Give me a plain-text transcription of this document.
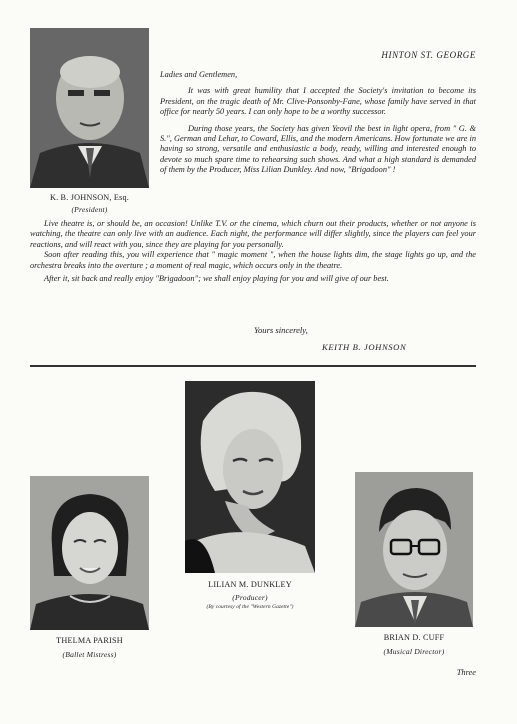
K. B. JOHNSON, Esq.
(President)
HINTON ST. GEORGE

Ladies and Gentlemen,

It was with great humility that I accepted the Society's invitation to become its President, on the tragic death of Mr. Clive-Ponsonby-Fane, whose family have served in that office for nearly 50 years. I can only hope to be a worthy successor.

During those years, the Society has given Yeovil the best in light opera, from " G. & S.", German and Lehar, to Coward, Ellis, and the modern Americans. How fortunate we are in having so strong, versatile and enthusiastic a body, ready, willing and interested enough to devote so much spare time to rehearsing such shows. And what a high standard is demanded of them by the Producer, Miss Lilian Dunkley. And now, "Brigadoon" !

Live theatre is, or should be, an occasion! Unlike T.V. or the cinema, which churn out their products, whether or not anyone is watching, the theatre can only live with an audience. Each night, the performance will differ slightly, since the players can feel your reactions, and will react with you, since they are playing for you personally.

Soon after reading this, you will experience that " magic moment ", when the house lights dim, the stage lights go up, and the orchestra breaks into the overture ; a moment of real magic, which occurs only in the theatre.

After it, sit back and really enjoy "Brigadoon"; we shall enjoy playing for you and will give of our best.

Yours sincerely,
KEITH B. JOHNSON
LILIAN M. DUNKLEY
(Producer)
(By courtesy of the "Western Gazette")
THELMA PARISH
(Ballet Mistress)
BRIAN D. CUFF
(Musical Director)
Three
